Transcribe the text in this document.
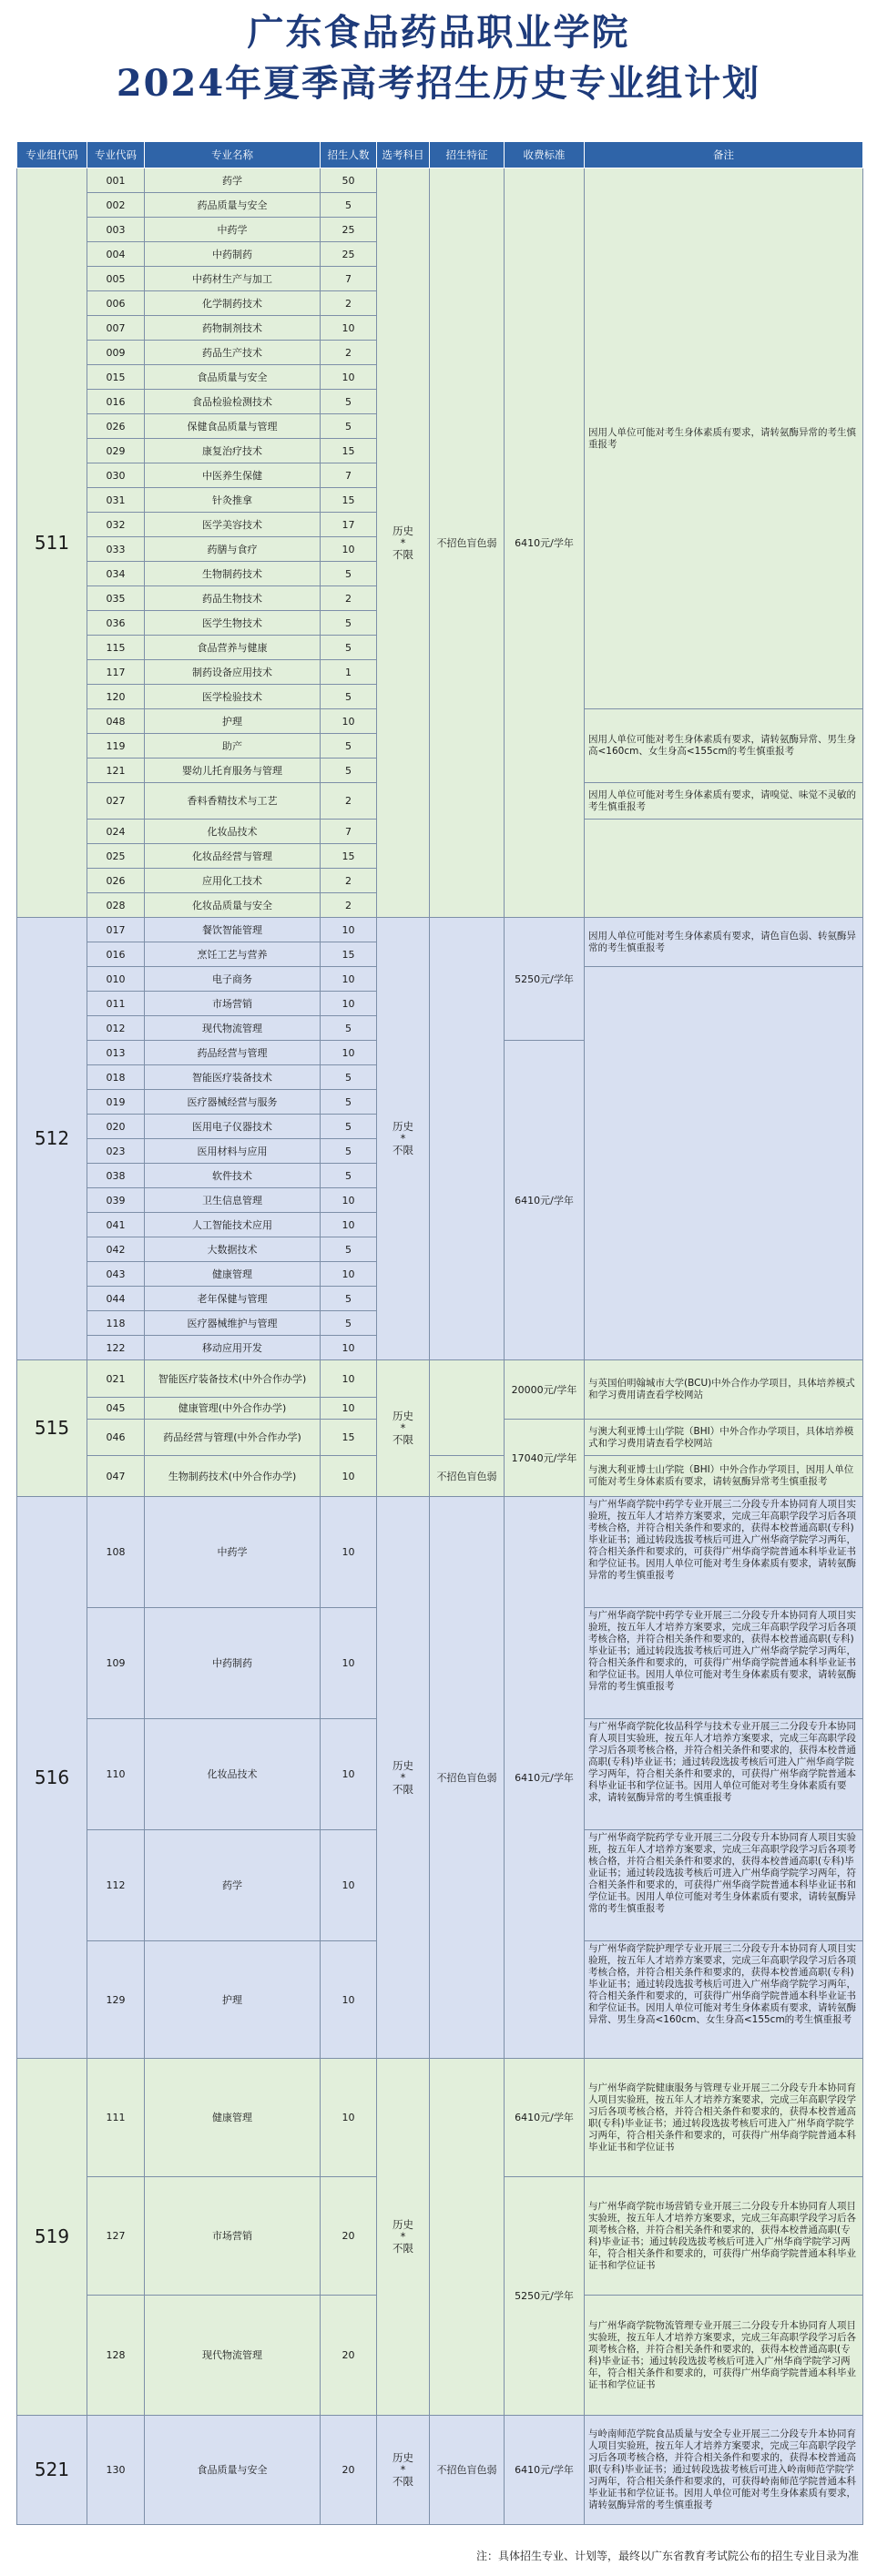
广东食品药品职业学院
2024年夏季高考招生历史专业组计划
专业组代码	专业代码	专业名称	招生人数	选考科目	招生特征	收费标准	备注
511	001	药学	50	历史
*
不限	不招色盲色弱	6410元/学年	因用人单位可能对考生身体素质有要求，请转氨酶异常的考生慎重报考
	002	药品质量与安全	5				
	003	中药学	25				
	004	中药制药	25				
	005	中药材生产与加工	7				
	006	化学制药技术	2				
	007	药物制剂技术	10				
	009	药品生产技术	2				
	015	食品质量与安全	10				
	016	食品检验检测技术	5				
	026	保健食品质量与管理	5				
	029	康复治疗技术	15				
	030	中医养生保健	7				
	031	针灸推拿	15				
	032	医学美容技术	17				
	033	药膳与食疗	10				
	034	生物制药技术	5				
	035	药品生物技术	2				
	036	医学生物技术	5				
	115	食品营养与健康	5				
	117	制药设备应用技术	1				
	120	医学检验技术	5				
	048	护理	10				因用人单位可能对考生身体素质有要求，请转氨酶异常、男生身高<160cm、女生身高<155cm的考生慎重报考
	119	助产	5				
	121	婴幼儿托育服务与管理	5				
	027	香料香精技术与工艺	2				因用人单位可能对考生身体素质有要求，请嗅觉、味觉不灵敏的考生慎重报考
	024	化妆品技术	7				
	025	化妆品经营与管理	15				
	026	应用化工技术	2				
	028	化妆品质量与安全	2				
512	017	餐饮智能管理	10	历史
*
不限		5250元/学年	因用人单位可能对考生身体素质有要求，请色盲色弱、转氨酶异常的考生慎重报考
	016	烹饪工艺与营养	15				
	010	电子商务	10				
	011	市场营销	10				
	012	现代物流管理	5				
	013	药品经营与管理	10			6410元/学年	
	018	智能医疗装备技术	5				
	019	医疗器械经营与服务	5				
	020	医用电子仪器技术	5				
	023	医用材料与应用	5				
	038	软件技术	5				
	039	卫生信息管理	10				
	041	人工智能技术应用	10				
	042	大数据技术	5				
	043	健康管理	10				
	044	老年保健与管理	5				
	118	医疗器械维护与管理	5				
	122	移动应用开发	10				
515	021	智能医疗装备技术(中外合作办学)	10	历史
*
不限		20000元/学年	与英国伯明翰城市大学(BCU)中外合作办学项目，具体培养模式和学习费用请查看学校网站
	045	健康管理(中外合作办学)	10				
	046	药品经营与管理(中外合作办学)	15			17040元/学年	与澳大利亚博士山学院（BHI）中外合作办学项目，具体培养模式和学习费用请查看学校网站
	047	生物制药技术(中外合作办学)	10		不招色盲色弱		与澳大利亚博士山学院（BHI）中外合作办学项目，因用人单位可能对考生身体素质有要求，请转氨酶异常考生慎重报考
516	108	中药学	10	历史
*
不限	不招色盲色弱	6410元/学年	与广州华商学院中药学专业开展三二分段专升本协同育人项目实验班，按五年人才培养方案要求，完成三年高职学段学习后各项考核合格，并符合相关条件和要求的，获得本校普通高职(专科)毕业证书；通过转段选拔考核后可进入广州华商学院学习两年，符合相关条件和要求的，可获得广州华商学院普通本科毕业证书和学位证书。因用人单位可能对考生身体素质有要求，请转氨酶异常的考生慎重报考
	109	中药制药	10				与广州华商学院中药学专业开展三二分段专升本协同育人项目实验班，按五年人才培养方案要求，完成三年高职学段学习后各项考核合格，并符合相关条件和要求的，获得本校普通高职(专科)毕业证书；通过转段选拔考核后可进入广州华商学院学习两年，符合相关条件和要求的，可获得广州华商学院普通本科毕业证书和学位证书。因用人单位可能对考生身体素质有要求，请转氨酶异常的考生慎重报考
	110	化妆品技术	10				与广州华商学院化妆品科学与技术专业开展三二分段专升本协同育人项目实验班，按五年人才培养方案要求，完成三年高职学段学习后各项考核合格，并符合相关条件和要求的，获得本校普通高职(专科)毕业证书；通过转段选拔考核后可进入广州华商学院学习两年，符合相关条件和要求的，可获得广州华商学院普通本科毕业证书和学位证书。因用人单位可能对考生身体素质有要求，请转氨酶异常的考生慎重报考
	112	药学	10				与广州华商学院药学专业开展三二分段专升本协同育人项目实验班，按五年人才培养方案要求，完成三年高职学段学习后各项考核合格，并符合相关条件和要求的，获得本校普通高职(专科)毕业证书；通过转段选拔考核后可进入广州华商学院学习两年，符合相关条件和要求的，可获得广州华商学院普通本科毕业证书和学位证书。因用人单位可能对考生身体素质有要求，请转氨酶异常的考生慎重报考
	129	护理	10				与广州华商学院护理学专业开展三二分段专升本协同育人项目实验班，按五年人才培养方案要求，完成三年高职学段学习后各项考核合格，并符合相关条件和要求的，获得本校普通高职(专科)毕业证书；通过转段选拔考核后可进入广州华商学院学习两年，符合相关条件和要求的，可获得广州华商学院普通本科毕业证书和学位证书。因用人单位可能对考生身体素质有要求，请转氨酶异常、男生身高<160cm、女生身高<155cm的考生慎重报考
519	111	健康管理	10	历史
*
不限		6410元/学年	与广州华商学院健康服务与管理专业开展三二分段专升本协同育人项目实验班，按五年人才培养方案要求，完成三年高职学段学习后各项考核合格，并符合相关条件和要求的，获得本校普通高职(专科)毕业证书；通过转段选拔考核后可进入广州华商学院学习两年，符合相关条件和要求的，可获得广州华商学院普通本科毕业证书和学位证书
	127	市场营销	20			5250元/学年	与广州华商学院市场营销专业开展三二分段专升本协同育人项目实验班，按五年人才培养方案要求，完成三年高职学段学习后各项考核合格，并符合相关条件和要求的，获得本校普通高职(专科)毕业证书；通过转段选拔考核后可进入广州华商学院学习两年，符合相关条件和要求的，可获得广州华商学院普通本科毕业证书和学位证书
	128	现代物流管理	20				与广州华商学院物流管理专业开展三二分段专升本协同育人项目实验班，按五年人才培养方案要求，完成三年高职学段学习后各项考核合格，并符合相关条件和要求的，获得本校普通高职(专科)毕业证书；通过转段选拔考核后可进入广州华商学院学习两年，符合相关条件和要求的，可获得广州华商学院普通本科毕业证书和学位证书
521	130	食品质量与安全	20	历史
*
不限	不招色盲色弱	6410元/学年	与岭南师范学院食品质量与安全专业开展三二分段专升本协同育人项目实验班，按五年人才培养方案要求，完成三年高职学段学习后各项考核合格，并符合相关条件和要求的，获得本校普通高职(专科)毕业证书；通过转段选拔考核后可进入岭南师范学院学习两年，符合相关条件和要求的，可获得岭南师范学院普通本科毕业证书和学位证书。因用人单位可能对考生身体素质有要求，请转氨酶异常的考生慎重报考
注：具体招生专业、计划等，最终以广东省教育考试院公布的招生专业目录为准
